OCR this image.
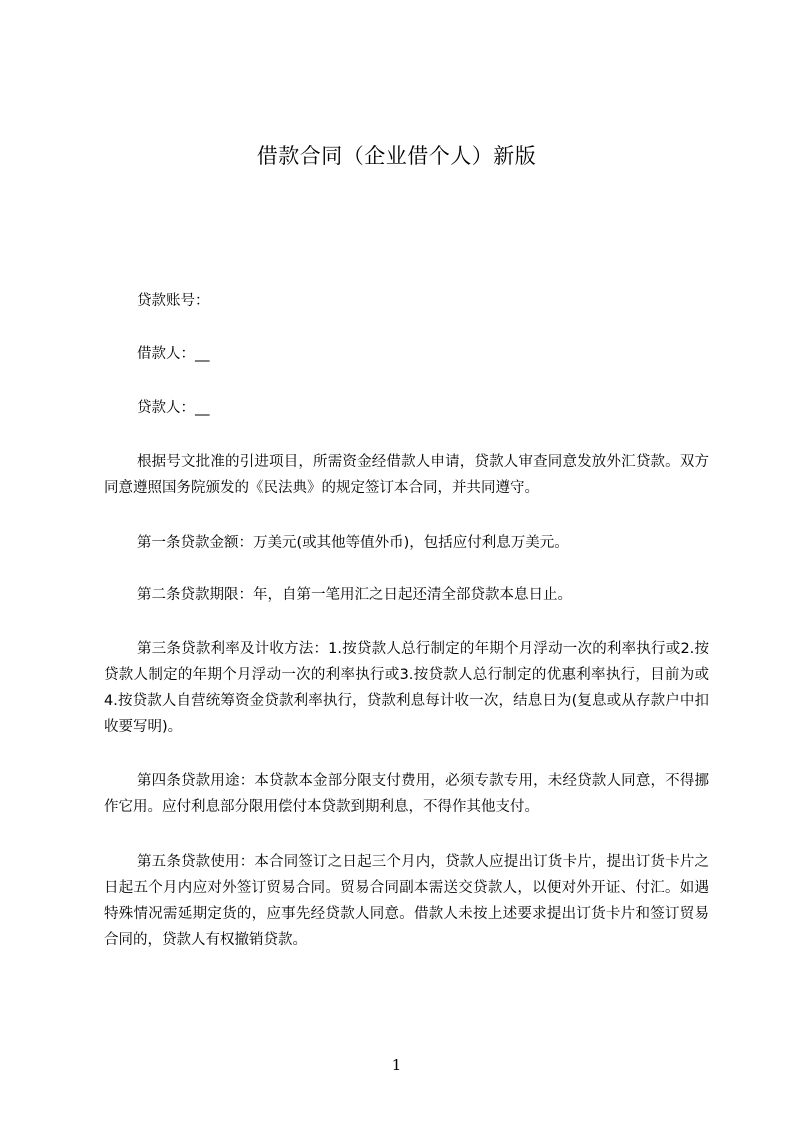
借款合同（企业借个人）新版

贷款账号：

借款人：__

贷款人：__

根据号文批准的引进项目，所需资金经借款人申请，贷款人审查同意发放外汇贷款。双方同意遵照国务院颁发的《民法典》的规定签订本合同，并共同遵守。

第一条贷款金额：万美元(或其他等值外币)，包括应付利息万美元。

第二条贷款期限：年，自第一笔用汇之日起还清全部贷款本息日止。

第三条贷款利率及计收方法：1.按贷款人总行制定的年期个月浮动一次的利率执行或2.按贷款人制定的年期个月浮动一次的利率执行或3.按贷款人总行制定的优惠利率执行，目前为或4.按贷款人自营统筹资金贷款利率执行，贷款利息每计收一次，结息日为(复息或从存款户中扣收要写明)。

第四条贷款用途：本贷款本金部分限支付费用，必须专款专用，未经贷款人同意，不得挪作它用。应付利息部分限用偿付本贷款到期利息，不得作其他支付。

第五条贷款使用：本合同签订之日起三个月内，贷款人应提出订货卡片，提出订货卡片之日起五个月内应对外签订贸易合同。贸易合同副本需送交贷款人，以便对外开证、付汇。如遇特殊情况需延期定货的，应事先经贷款人同意。借款人未按上述要求提出订货卡片和签订贸易合同的，贷款人有权撤销贷款。

1
